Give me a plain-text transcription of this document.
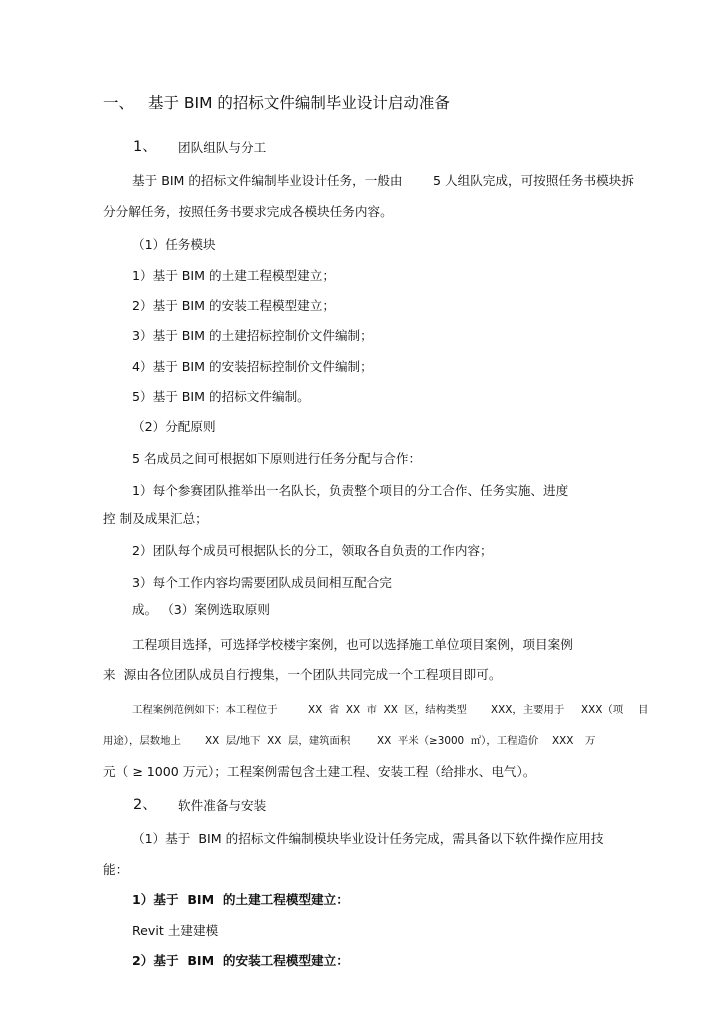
一、 基于 BIM 的招标文件编制毕业设计启动准备
1、 团队组队与分工
基于 BIM 的招标文件编制毕业设计任务，一般由 5 人组队完成，可按照任务书模块拆
分分解任务，按照任务书要求完成各模块任务内容。
（1）任务模块
1）基于 BIM 的土建工程模型建立；
2）基于 BIM 的安装工程模型建立；
3）基于 BIM 的土建招标控制价文件编制；
4）基于 BIM 的安装招标控制价文件编制；
5）基于 BIM 的招标文件编制。
（2）分配原则
5 名成员之间可根据如下原则进行任务分配与合作：
1）每个参赛团队推举出一名队长，负责整个项目的分工合作、任务实施、进度
控 制及成果汇总；
2）团队每个成员可根据队长的分工，领取各自负责的工作内容；
3）每个工作内容均需要团队成员间相互配合完
成。 （3）案例选取原则
工程项目选择，可选择学校楼宇案例，也可以选择施工单位项目案例，项目案例
来  源由各位团队成员自行搜集，一个团队共同完成一个工程项目即可。
工程案例范例如下：本工程位于	XX  省  XX  市  XX  区，结构类型 XXX，主要用于 XXX（项 目
用途），层数地上 XX  层/地下  XX  层，建筑面积	XX  平米（≥3000  ㎡），工程造价 XXX 万
元（ ≥ 1000 万元）；工程案例需包含土建工程、安装工程（给排水、电气）。
2、 软件准备与安装
（1）基于  BIM 的招标文件编制模块毕业设计任务完成，需具备以下软件操作应用技
能：
1）基于  BIM  的土建工程模型建立：
Revit 土建建模
2）基于  BIM  的安装工程模型建立：
